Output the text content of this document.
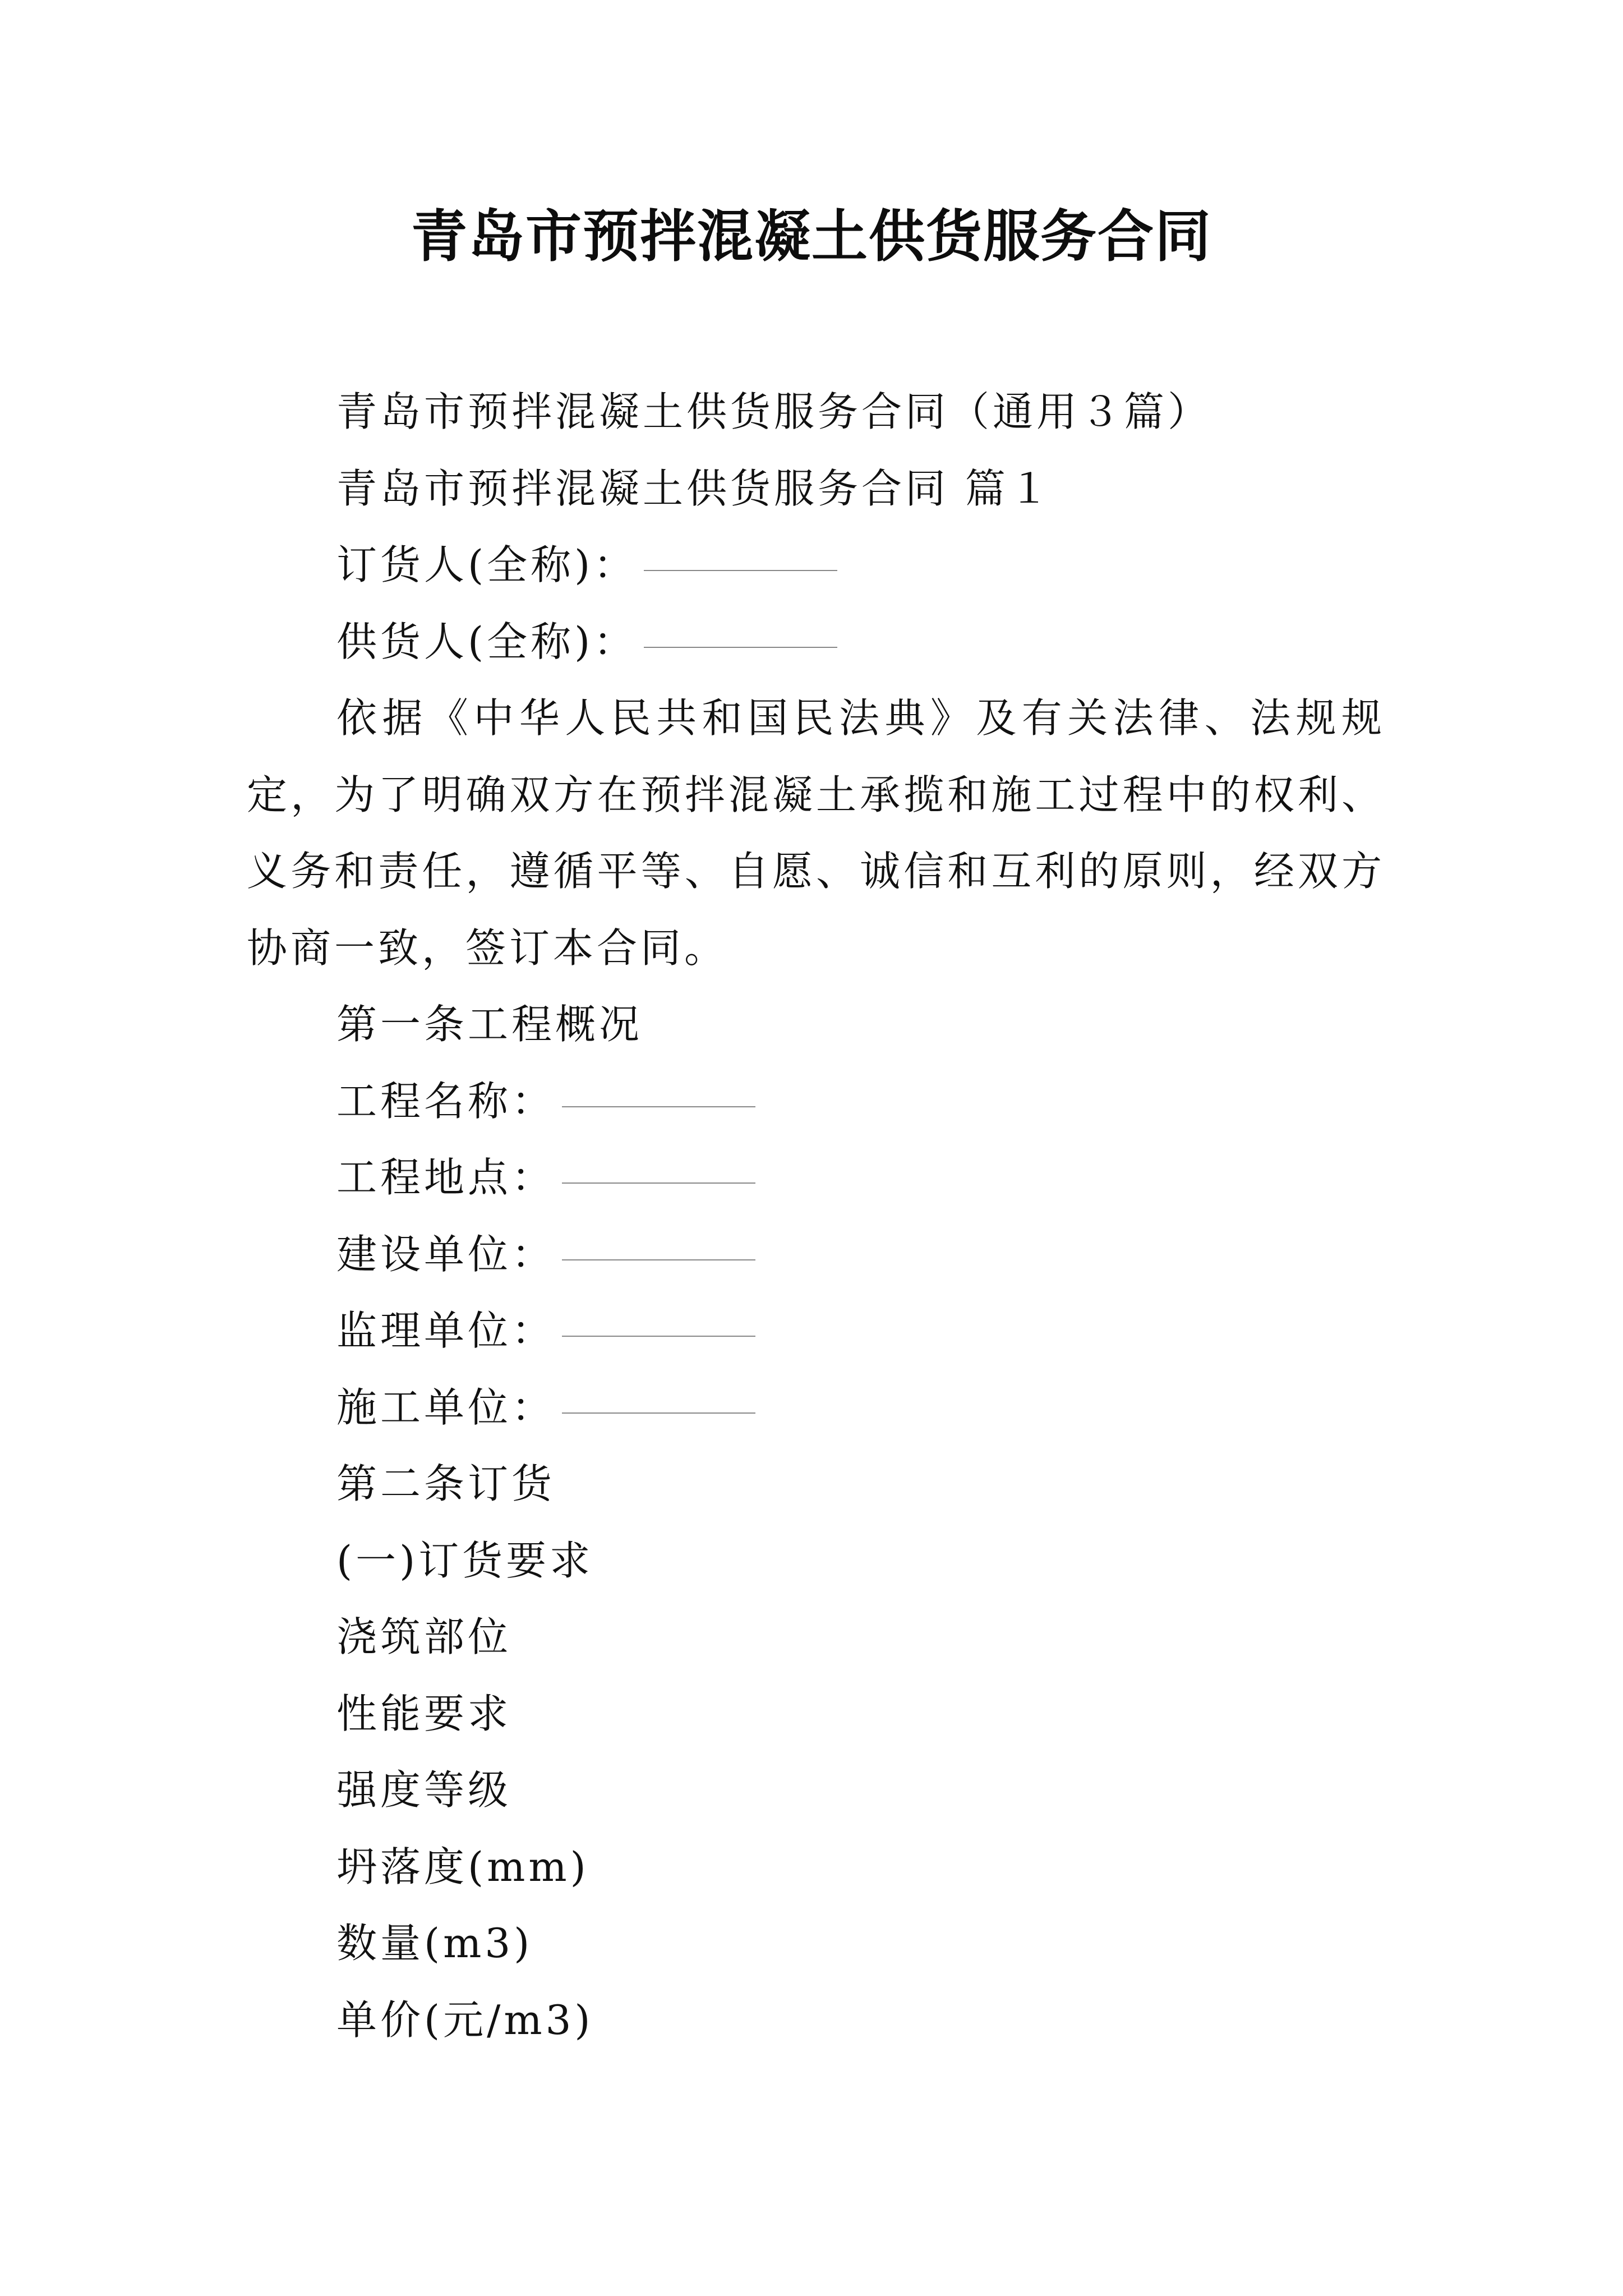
青岛市预拌混凝土供货服务合同

青岛市预拌混凝土供货服务合同（通用３篇）

青岛市预拌混凝土供货服务合同 篇１

订货人(全称)：

供货人(全称)：

依据《中华人民共和国民法典》及有关法律、法规规定，为了明确双方在预拌混凝土承揽和施工过程中的权利、义务和责任，遵循平等、自愿、诚信和互利的原则，经双方协商一致，签订本合同。

第一条工程概况

工程名称：

工程地点：

建设单位：

监理单位：

施工单位：

第二条订货

(一)订货要求

浇筑部位

性能要求

强度等级

坍落度(mm)

数量(m3)

单价(元/m3)
